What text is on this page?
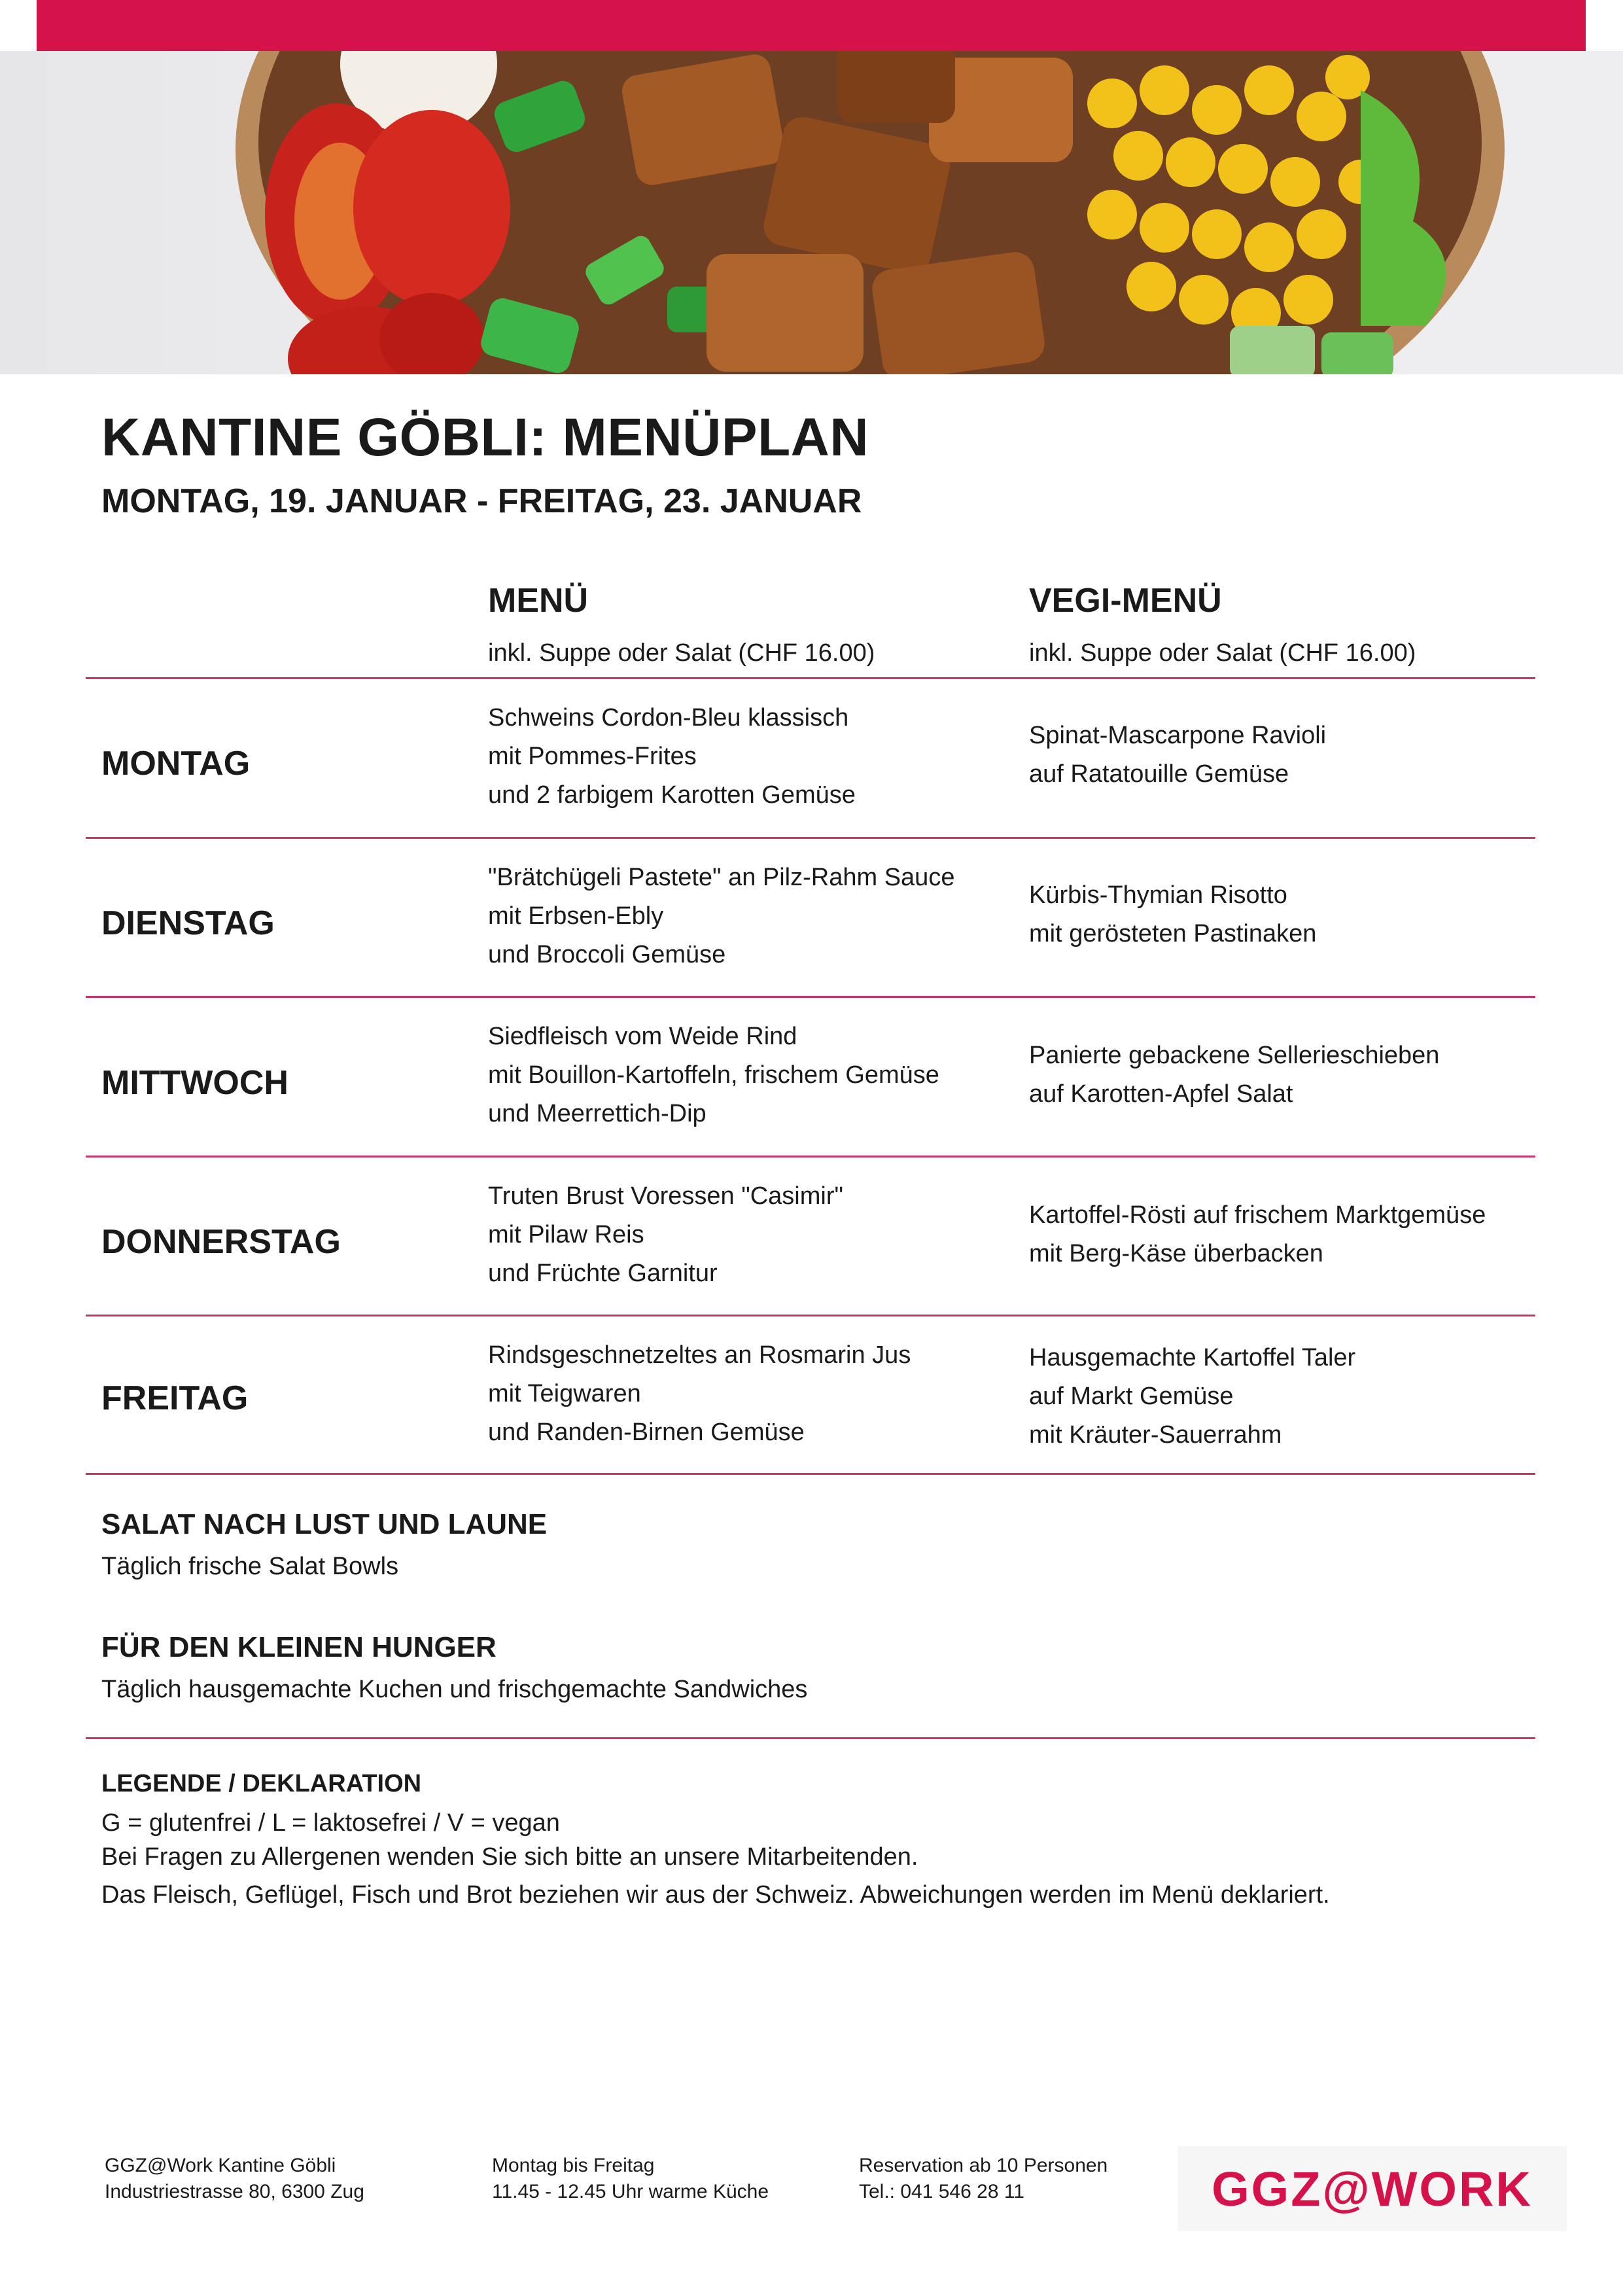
KANTINE GÖBLI: MENÜPLAN
MONTAG, 19. JANUAR - FREITAG, 23. JANUAR
MENÜ
inkl. Suppe oder Salat (CHF 16.00)
VEGI-MENÜ
inkl. Suppe oder Salat (CHF 16.00)
MONTAG
Schweins Cordon-Bleu klassisch
mit Pommes-Frites
und 2 farbigem Karotten Gemüse
Spinat-Mascarpone Ravioli
auf Ratatouille Gemüse
DIENSTAG
"Brätchügeli Pastete" an Pilz-Rahm Sauce
mit Erbsen-Ebly
und Broccoli Gemüse
Kürbis-Thymian Risotto
mit gerösteten Pastinaken
MITTWOCH
Siedfleisch vom Weide Rind
mit Bouillon-Kartoffeln, frischem Gemüse
und Meerrettich-Dip
Panierte gebackene Sellerieschieben
auf Karotten-Apfel Salat
DONNERSTAG
Truten Brust Voressen "Casimir"
mit Pilaw Reis
und Früchte Garnitur
Kartoffel-Rösti auf frischem Marktgemüse
mit Berg-Käse überbacken
FREITAG
Rindsgeschnetzeltes an Rosmarin Jus
mit Teigwaren
und Randen-Birnen Gemüse
Hausgemachte Kartoffel Taler
auf Markt Gemüse
mit Kräuter-Sauerrahm
SALAT NACH LUST UND LAUNE
Täglich frische Salat Bowls
FÜR DEN KLEINEN HUNGER
Täglich hausgemachte Kuchen und frischgemachte Sandwiches
LEGENDE / DEKLARATION
G = glutenfrei / L = laktosefrei / V = vegan
Bei Fragen zu Allergenen wenden Sie sich bitte an unsere Mitarbeitenden.
Das Fleisch, Geflügel, Fisch und Brot beziehen wir aus der Schweiz. Abweichungen werden im Menü deklariert.
GGZ@Work Kantine Göbli
Industriestrasse 80, 6300 Zug
Montag bis Freitag
11.45 - 12.45 Uhr warme Küche
Reservation ab 10 Personen
Tel.: 041 546 28 11	GGZ@WORK
